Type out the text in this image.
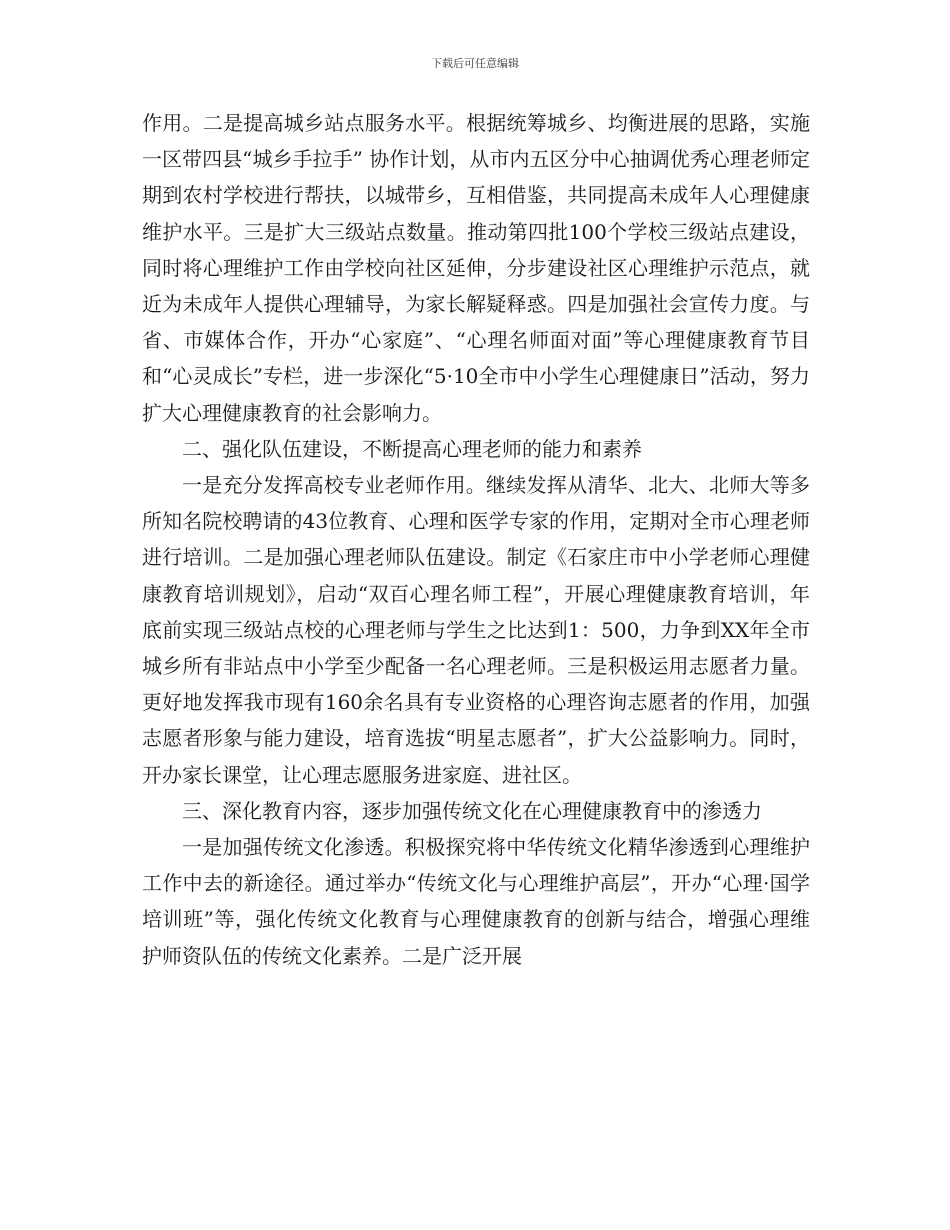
下载后可任意编辑

作用。二是提高城乡站点服务水平。根据统筹城乡、均衡进展的思路，实施一区带四县“城乡手拉手” 协作计划，从市内五区分中心抽调优秀心理老师定期到农村学校进行帮扶，以城带乡，互相借鉴，共同提高未成年人心理健康维护水平。三是扩大三级站点数量。推动第四批100个学校三级站点建设，同时将心理维护工作由学校向社区延伸，分步建设社区心理维护示范点，就近为未成年人提供心理辅导，为家长解疑释惑。四是加强社会宣传力度。与省、市媒体合作，开办“心家庭”、“心理名师面对面”等心理健康教育节目和“心灵成长”专栏，进一步深化“5·10全市中小学生心理健康日”活动，努力扩大心理健康教育的社会影响力。

二、强化队伍建设，不断提高心理老师的能力和素养

一是充分发挥高校专业老师作用。继续发挥从清华、北大、北师大等多所知名院校聘请的43位教育、心理和医学专家的作用，定期对全市心理老师进行培训。二是加强心理老师队伍建设。制定《石家庄市中小学老师心理健康教育培训规划》，启动“双百心理名师工程”，开展心理健康教育培训，年底前实现三级站点校的心理老师与学生之比达到1：500，力争到XX年全市城乡所有非站点中小学至少配备一名心理老师。三是积极运用志愿者力量。更好地发挥我市现有160余名具有专业资格的心理咨询志愿者的作用，加强志愿者形象与能力建设，培育选拔“明星志愿者”，扩大公益影响力。同时，开办家长课堂，让心理志愿服务进家庭、进社区。

三、深化教育内容，逐步加强传统文化在心理健康教育中的渗透力

一是加强传统文化渗透。积极探究将中华传统文化精华渗透到心理维护工作中去的新途径。通过举办“传统文化与心理维护高层”，开办“心理·国学培训班”等，强化传统文化教育与心理健康教育的创新与结合，增强心理维护师资队伍的传统文化素养。二是广泛开展
